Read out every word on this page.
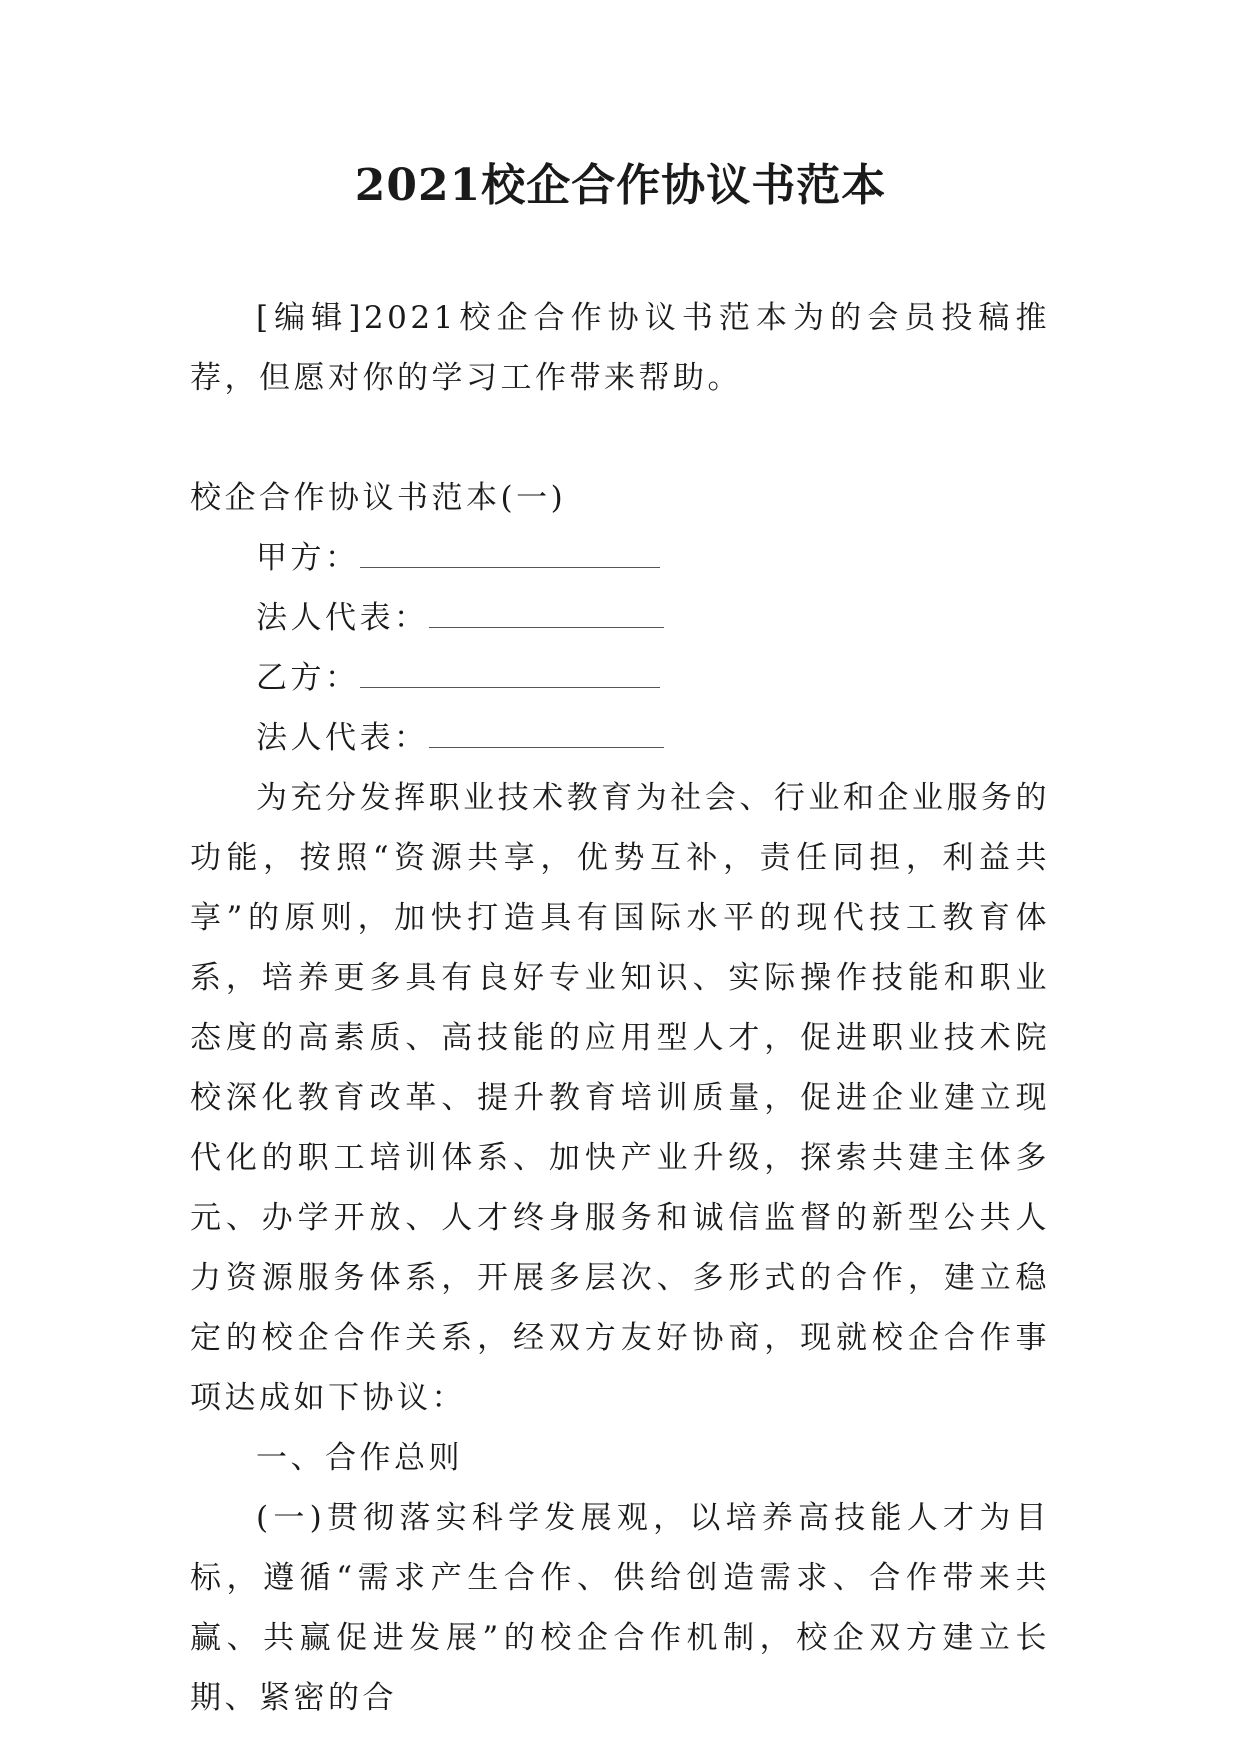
2021校企合作协议书范本

[编辑]2021校企合作协议书范本为的会员投稿推荐，但愿对你的学习工作带来帮助。

校企合作协议书范本(一)

甲方：
法人代表：
乙方：
法人代表：

为充分发挥职业技术教育为社会、行业和企业服务的功能，按照“资源共享，优势互补，责任同担，利益共享”的原则，加快打造具有国际水平的现代技工教育体系，培养更多具有良好专业知识、实际操作技能和职业态度的高素质、高技能的应用型人才，促进职业技术院校深化教育改革、提升教育培训质量，促进企业建立现代化的职工培训体系、加快产业升级，探索共建主体多元、办学开放、人才终身服务和诚信监督的新型公共人力资源服务体系，开展多层次、多形式的合作，建立稳定的校企合作关系，经双方友好协商，现就校企合作事项达成如下协议：

一、合作总则

(一)贯彻落实科学发展观，以培养高技能人才为目标，遵循“需求产生合作、供给创造需求、合作带来共赢、共赢促进发展”的校企合作机制，校企双方建立长期、紧密的合
